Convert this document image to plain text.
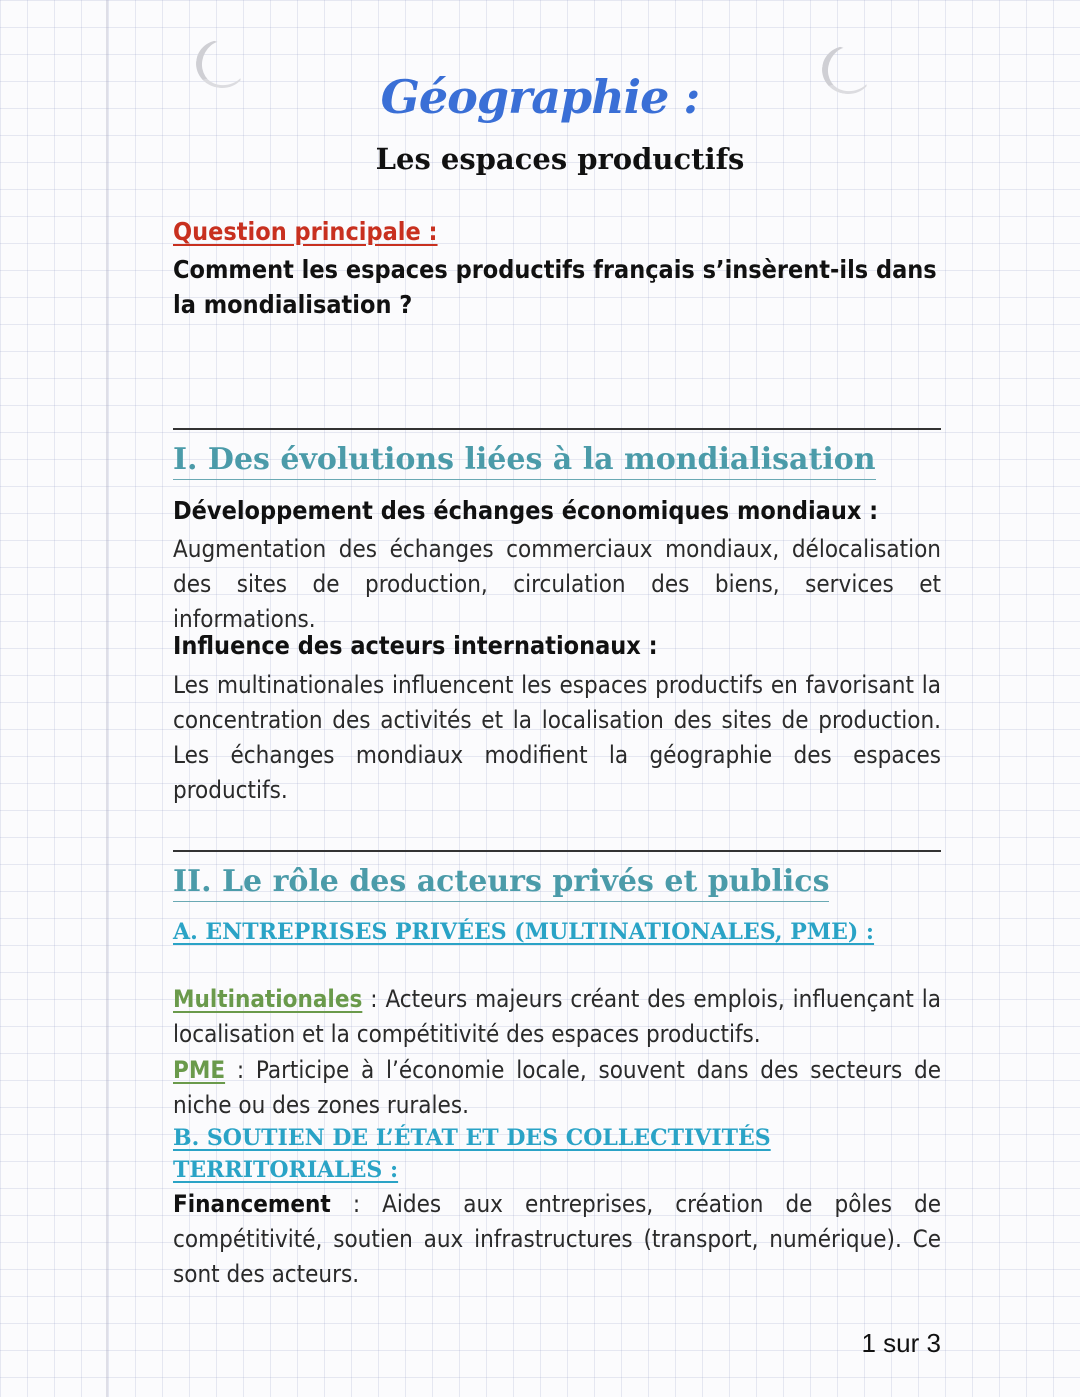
Géographie :
Les espaces productifs
Question principale :
Comment les espaces productifs français s’insèrent-ils dans la mondialisation ?
I. Des évolutions liées à la mondialisation
Développement des échanges économiques mondiaux :
Augmentation des échanges commerciaux mondiaux, délocalisation des sites de production, circulation des biens, services et informations.
Influence des acteurs internationaux :
Les multinationales influencent les espaces productifs en favorisant la concentration des activités et la localisation des sites de production. Les échanges mondiaux modifient la géographie des espaces productifs.
II. Le rôle des acteurs privés et publics
A. ENTREPRISES PRIVÉES (MULTINATIONALES, PME) :
Multinationales : Acteurs majeurs créant des emplois, influençant la localisation et la compétitivité des espaces productifs.
PME : Participe à l’économie locale, souvent dans des secteurs de niche ou des zones rurales.
B. SOUTIEN DE L’ÉTAT ET DES COLLECTIVITÉS TERRITORIALES :
Financement : Aides aux entreprises, création de pôles de compétitivité, soutien aux infrastructures (transport, numérique). Ce sont des acteurs.
1 sur 3
